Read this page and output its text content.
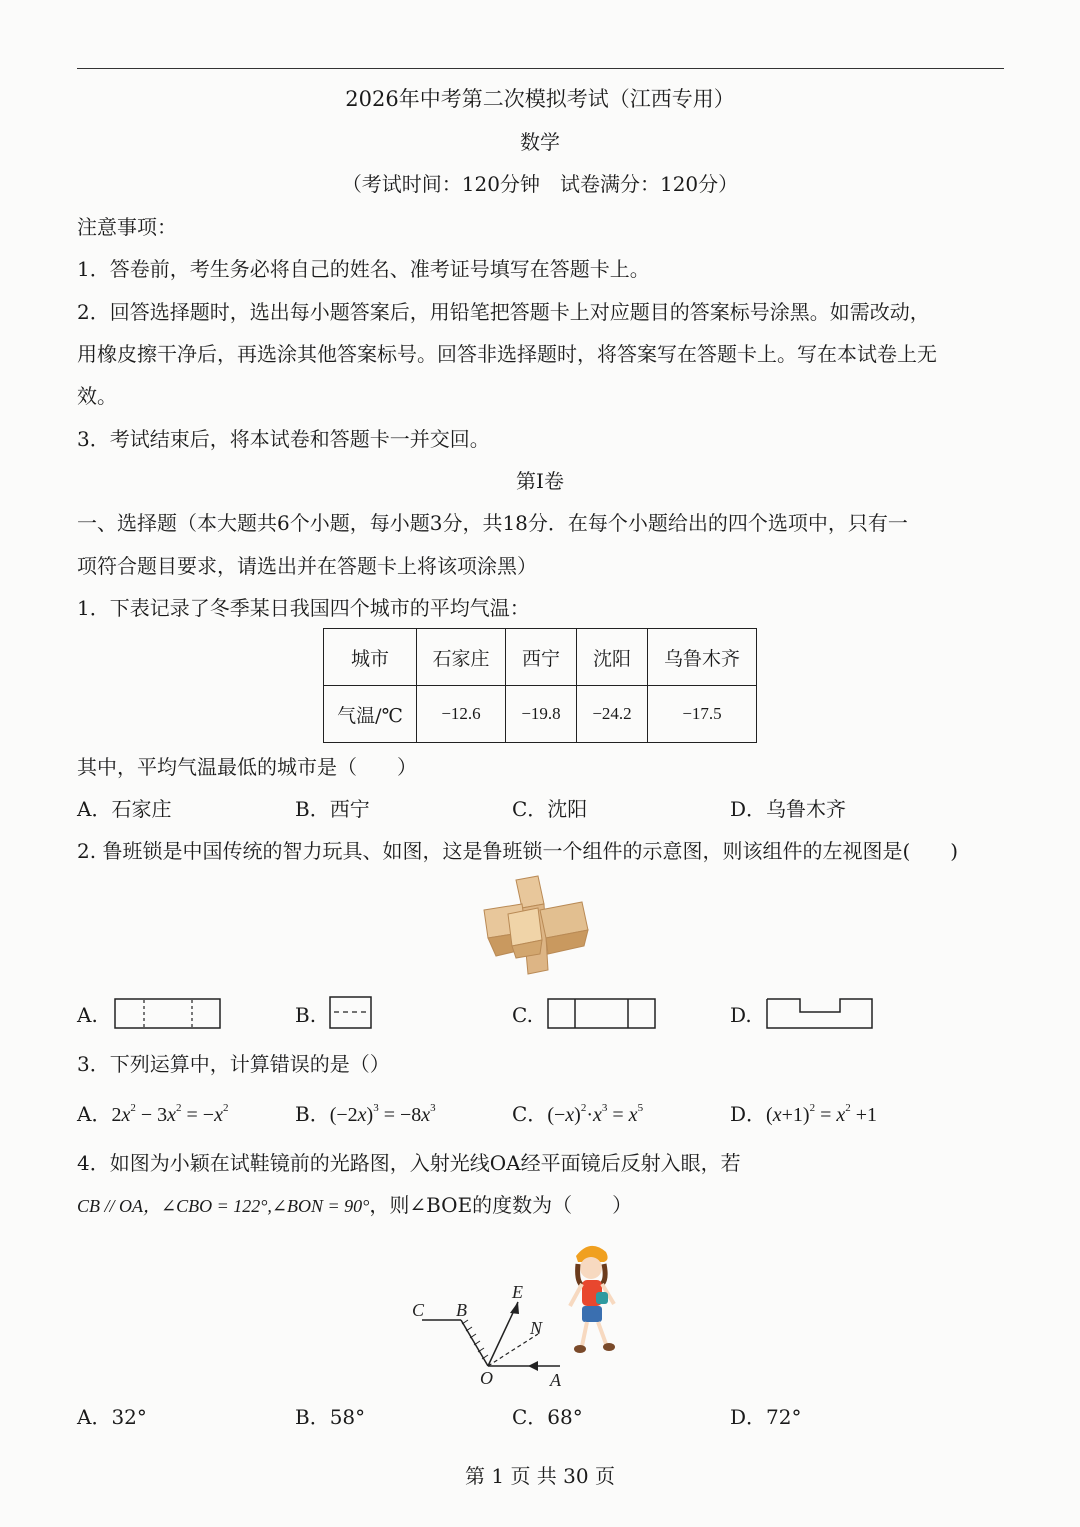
2026年中考第二次模拟考试（江西专用）
数学
（考试时间：120分钟　试卷满分：120分）
注意事项：
1．答卷前，考生务必将自己的姓名、准考证号填写在答题卡上。
2．回答选择题时，选出每小题答案后，用铅笔把答题卡上对应题目的答案标号涂黑。如需改动，
用橡皮擦干净后，再选涂其他答案标号。回答非选择题时，将答案写在答题卡上。写在本试卷上无
效。
3．考试结束后，将本试卷和答题卡一并交回。
第Ⅰ卷
一、选择题（本大题共6个小题，每小题3分，共18分．在每个小题给出的四个选项中，只有一
项符合题目要求，请选出并在答题卡上将该项涂黑）
1．下表记录了冬季某日我国四个城市的平均气温：
城市	石家庄	西宁	沈阳	乌鲁木齐
气温/℃	−12.6	−19.8	−24.2	−17.5
其中，平均气温最低的城市是（　　）
A．石家庄	B．西宁	C．沈阳	D．乌鲁木齐
2. 鲁班锁是中国传统的智力玩具、如图，这是鲁班锁一个组件的示意图，则该组件的左视图是(　　)
A.	B.	C.	D.
3．下列运算中，计算错误的是（）
A．$2x^2 - 3x^2 = -x^2$	B．$(-2x)^3 = -8x^3$	C．$(-x)^2\cdot x^3 = x^5$	D．$(x+1)^2 = x^2 +1$
4．如图为小颖在试鞋镜前的光路图，入射光线OA经平面镜后反射入眼，若
CB // OA，∠CBO = 122°,∠BON = 90°，则∠BOE的度数为（　　）
C B
E
N
O	A
A．32°	B．58°	C．68°	D．72°
第 1 页 共 30 页
